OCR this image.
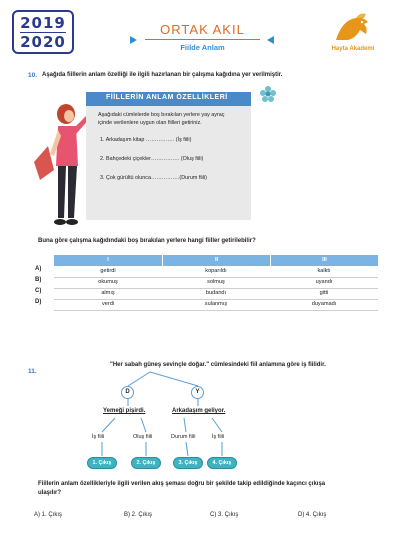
2019
2020
ORTAK AKIL
Fiilde Anlam	Hayta Akademi
10. Aşağıda fiillerin anlam özelliği ile ilgili hazırlanan bir çalışma kağıdına yer verilmiştir.
FİİLLERİN ANLAM ÖZELLİKLERİ
Aşağıdaki cümlelerde boş bırakılan yerlere yay ayraç
içinde verilenlere uygun olan fiilleri getiriniz.
1. Arkadaşım kitap ……………. (İş fiili)
2. Bahçedeki çiçekler……………. (Oluş fiili)
3. Çok gürültü olunca…………….(Durum fiili)
Buna göre çalışma kağıdındaki boş bırakılan yerlere hangi fiiller getirilebilir?
I	II	III
getirdi	koparıldı	kalktı
okumuş	solmuş	uyandı
almış	budandı	gitti
verdi	sulanmış	duyamadı
A)
B)
C)
D)
11.
"Her sabah güneş sevinçle doğar." cümlesindeki fiil anlamına göre iş fiilidir.
D	Y
Yemeği pişirdi.	Arkadaşım geliyor.
İş fiili	Oluş fiili	Durum fiili	İş fiili
1. Çıkış	2. Çıkış	3. Çıkış	4. Çıkış
Fiillerin anlam özellikleriyle ilgili verilen akış şeması doğru bir şekilde takip edildiğinde kaçıncı çıkışa
ulaşılır?
A) 1. Çıkış	B) 2. Çıkış	C) 3. Çıkış	D) 4. Çıkış
